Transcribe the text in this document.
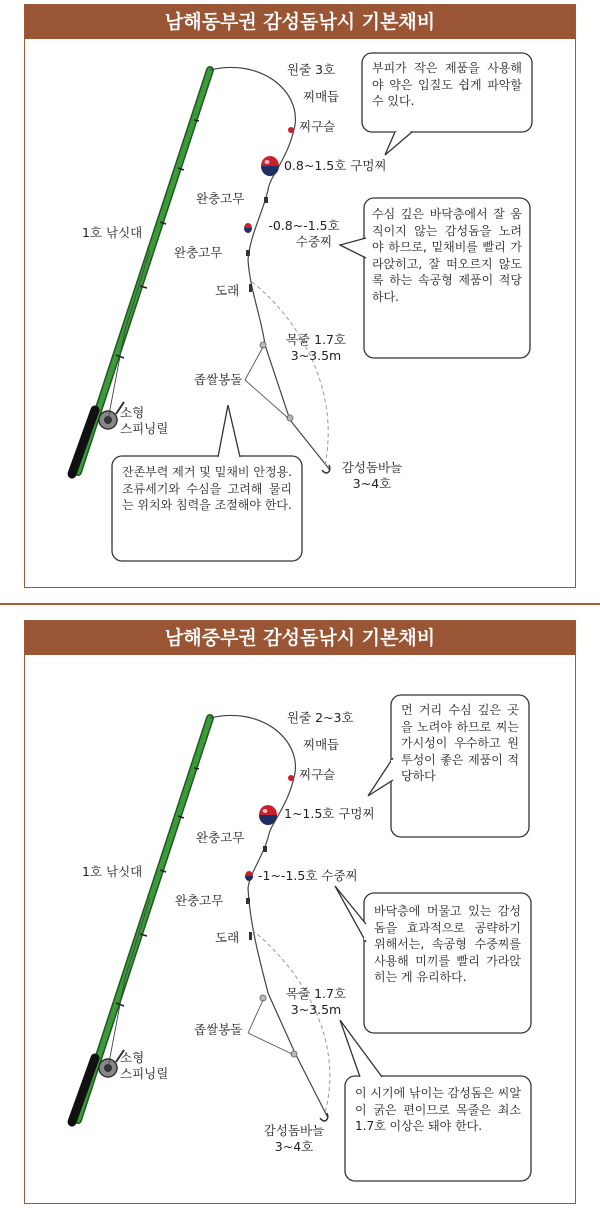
남해동부권 감성돔낚시 기본채비
원줄 3호
찌매듭
찌구슬
0.8~1.5호 구멍찌
완충고무
-0.8~-1.5호
수중찌
완충고무
도래
목줄 1.7호
3~3.5m
좁쌀봉돌
감성돔바늘
3~4호
1호 낚싯대
소형
스피닝릴
부피가 작은 제품을 사용해야 약은 입질도 쉽게 파악할 수 있다.
수심 깊은 바닥층에서 잘 움직이지 않는 감성돔을 노려야 하므로, 밑채비를 빨리 가라앉히고, 잘 떠오르지 않도록 하는 속공형 제품이 적당하다.
잔존부력 제거 및 밑채비 안정용. 조류세기와 수심을 고려해 물리는 위치와 침력을 조절해야 한다.
남해중부권 감성돔낚시 기본채비
원줄 2~3호
찌매듭
찌구슬
1~1.5호 구멍찌
완충고무
-1~-1.5호 수중찌
완충고무
도래
목줄 1.7호
3~3.5m
좁쌀봉돌
감성돔바늘
3~4호
1호 낚싯대
소형
스피닝릴
먼 거리 수심 깊은 곳을 노려야 하므로 찌는 가시성이 우수하고 원투성이 좋은 제품이 적당하다
바닥층에 머물고 있는 감성돔을 효과적으로 공략하기 위해서는, 속공형 수중찌를 사용해 미끼를 빨리 가라앉히는 게 유리하다.
이 시기에 낚이는 감성돔은 씨알이 굵은 편이므로 목줄은 최소 1.7호 이상은 돼야 한다.
